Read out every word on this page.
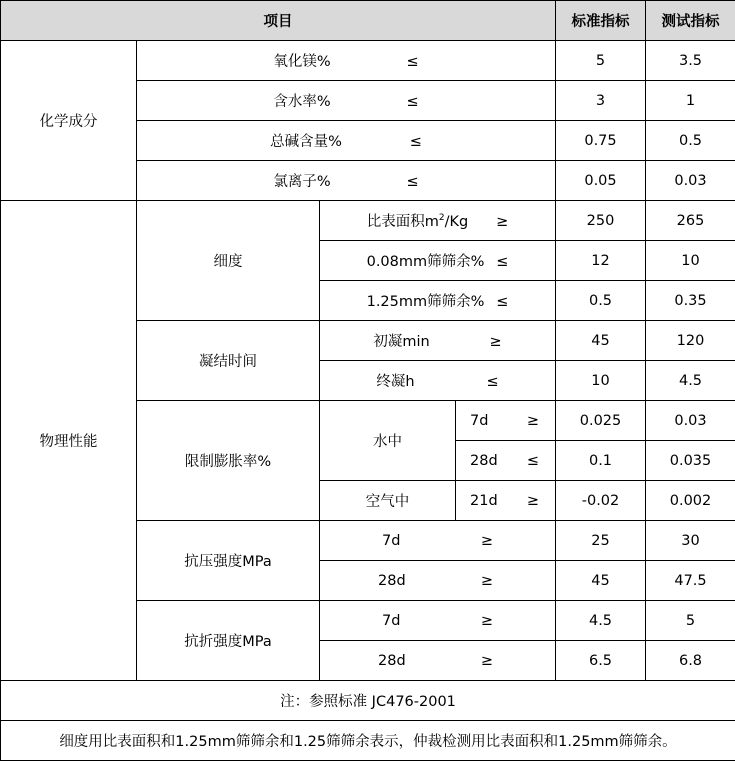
项目				标准指标	测试指标
化学成分	氧化镁% ≤			5	3.5
	含水率% ≤			3	1
	总碱含量% ≤			0.75	0.5
	氯离子% ≤			0.05	0.03
物理性能	细度	比表面积$m^2/Kg$ ≥		250	265
		0.08mm筛筛余% ≤		12	10
		1.25mm筛筛余% ≤		0.5	0.35
	凝结时间	初凝min ≥		45	120
		终凝h ≤		10	4.5
	限制膨胀率%	水中	7d ≥	0.025	0.03

			28d ≤	0.1	0.035
		空气中	21d ≥	-0.02	0.002
	抗压强度MPa	7d ≥		25	30

		28d ≥		45	47.5
	抗折强度MPa	7d ≥		4.5	5

		28d ≥		6.5	6.8
注：参照标准 JC476-2001					
细度用比表面积和1.25mm筛筛余和1.25筛筛余表示，仲裁检测用比表面积和1.25mm筛筛余。					
